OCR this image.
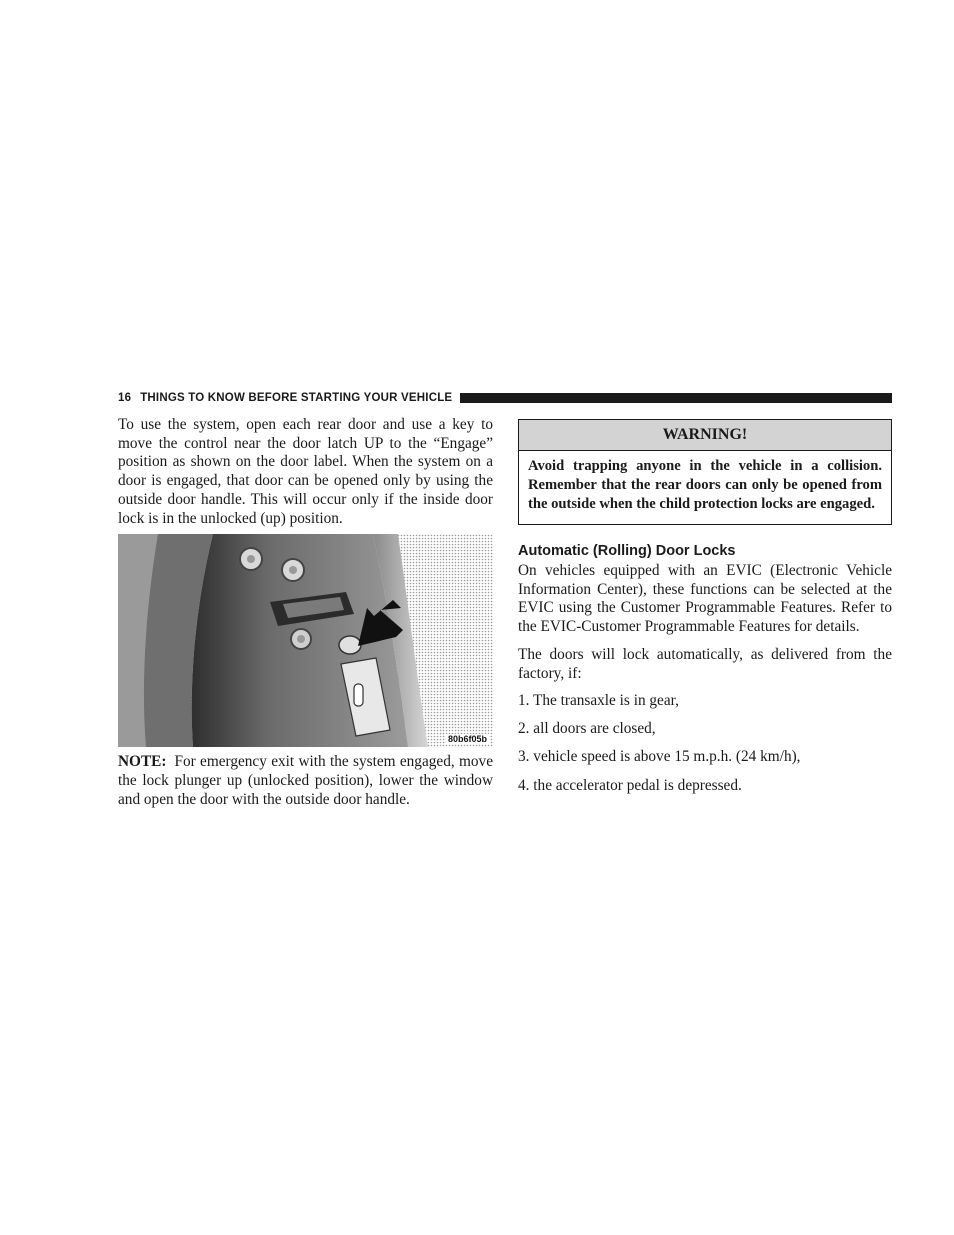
16 THINGS TO KNOW BEFORE STARTING YOUR VEHICLE

To use the system, open each rear door and use a key to move the control near the door latch UP to the “Engage” position as shown on the door label. When the system on a door is engaged, that door can be opened only by using the outside door handle. This will occur only if the inside door lock is in the unlocked (up) position.

80b6f05b

NOTE: For emergency exit with the system engaged, move the lock plunger up (unlocked position), lower the window and open the door with the outside door handle.

WARNING!
Avoid trapping anyone in the vehicle in a collision. Remember that the rear doors can only be opened from the outside when the child protection locks are engaged.
Automatic (Rolling) Door Locks

On vehicles equipped with an EVIC (Electronic Vehicle Information Center), these functions can be selected at the EVIC using the Customer Programmable Features. Refer to the EVIC-Customer Programmable Features for details.

The doors will lock automatically, as delivered from the factory, if:

1. The transaxle is in gear,
2. all doors are closed,
3. vehicle speed is above 15 m.p.h. (24 km/h),
4. the accelerator pedal is depressed.
